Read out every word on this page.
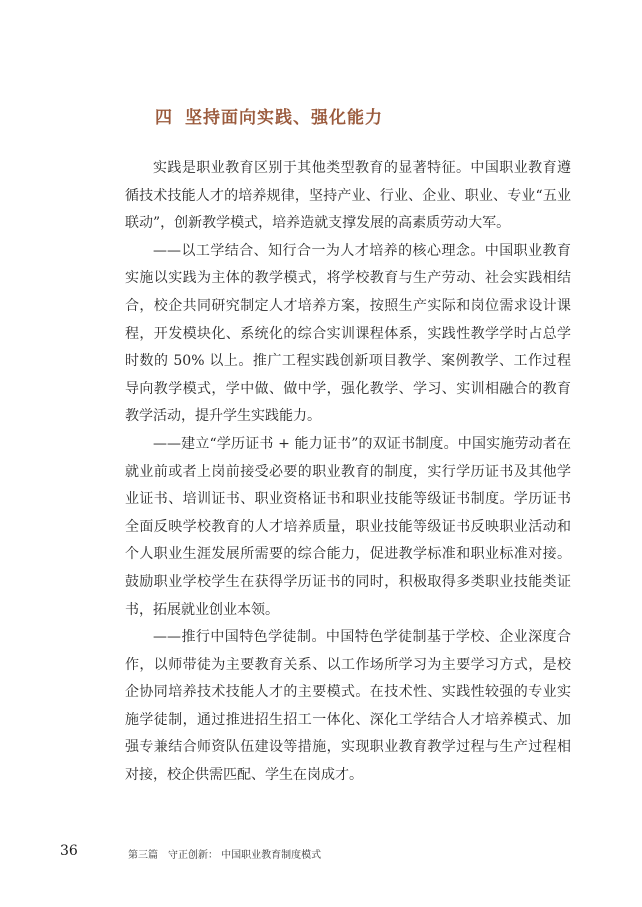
四 坚持面向实践、强化能力

实践是职业教育区别于其他类型教育的显著特征。中国职业教育遵循技术技能人才的培养规律，坚持产业、行业、企业、职业、专业“五业联动”，创新教学模式，培养造就支撑发展的高素质劳动大军。

——以工学结合、知行合一为人才培养的核心理念。中国职业教育实施以实践为主体的教学模式，将学校教育与生产劳动、社会实践相结合，校企共同研究制定人才培养方案，按照生产实际和岗位需求设计课程，开发模块化、系统化的综合实训课程体系，实践性教学学时占总学时数的 50% 以上。推广工程实践创新项目教学、案例教学、工作过程导向教学模式，学中做、做中学，强化教学、学习、实训相融合的教育教学活动，提升学生实践能力。

——建立“学历证书 + 能力证书”的双证书制度。中国实施劳动者在就业前或者上岗前接受必要的职业教育的制度，实行学历证书及其他学业证书、培训证书、职业资格证书和职业技能等级证书制度。学历证书全面反映学校教育的人才培养质量，职业技能等级证书反映职业活动和个人职业生涯发展所需要的综合能力，促进教学标准和职业标准对接。鼓励职业学校学生在获得学历证书的同时，积极取得多类职业技能类证书，拓展就业创业本领。

——推行中国特色学徒制。中国特色学徒制基于学校、企业深度合作，以师带徒为主要教育关系、以工作场所学习为主要学习方式，是校企协同培养技术技能人才的主要模式。在技术性、实践性较强的专业实施学徒制，通过推进招生招工一体化、深化工学结合人才培养模式、加强专兼结合师资队伍建设等措施，实现职业教育教学过程与生产过程相对接，校企供需匹配、学生在岗成才。

36	第三篇　守正创新： 中国职业教育制度模式
